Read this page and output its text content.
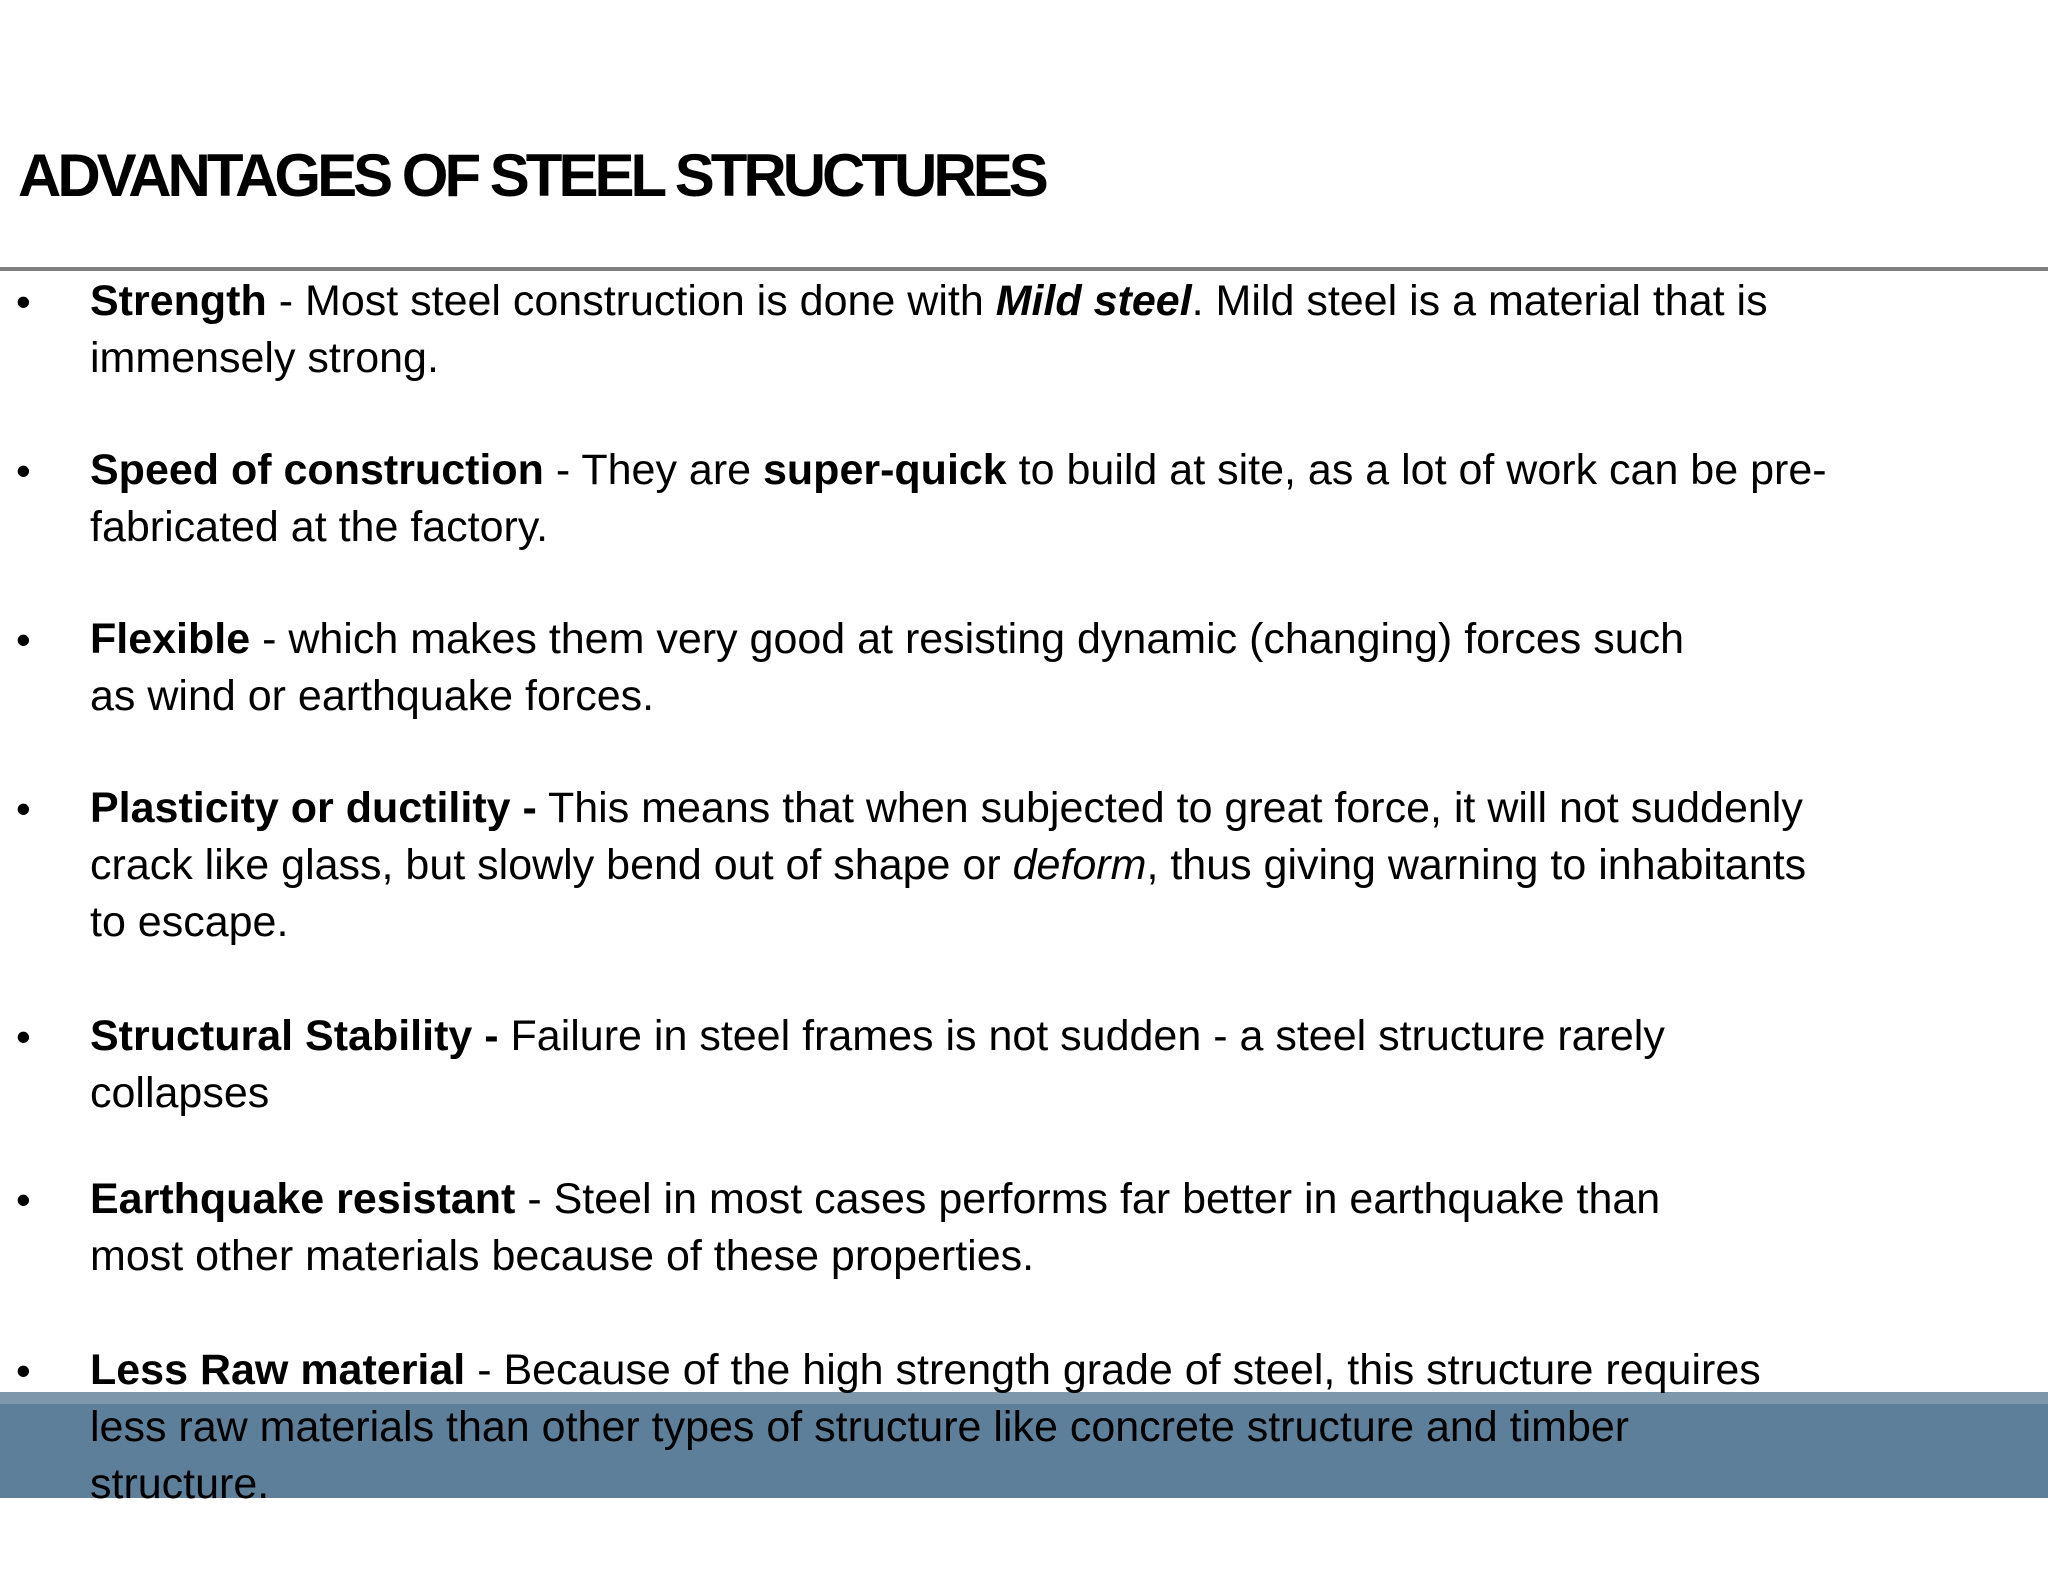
ADVANTAGES OF STEEL STRUCTURES
• Strength - Most steel construction is done with Mild steel. Mild steel is a material that is
immensely strong.
• Speed of construction - They are super-quick to build at site, as a lot of work can be pre-
fabricated at the factory.
• Flexible - which makes them very good at resisting dynamic (changing) forces such
as wind or earthquake forces.
• Plasticity or ductility - This means that when subjected to great force, it will not suddenly
crack like glass, but slowly bend out of shape or deform, thus giving warning to inhabitants
to escape.
• Structural Stability - Failure in steel frames is not sudden - a steel structure rarely
collapses
• Earthquake resistant - Steel in most cases performs far better in earthquake than
most other materials because of these properties.
• Less Raw material - Because of the high strength grade of steel, this structure requires
less raw materials than other types of structure like concrete structure and timber
structure.
